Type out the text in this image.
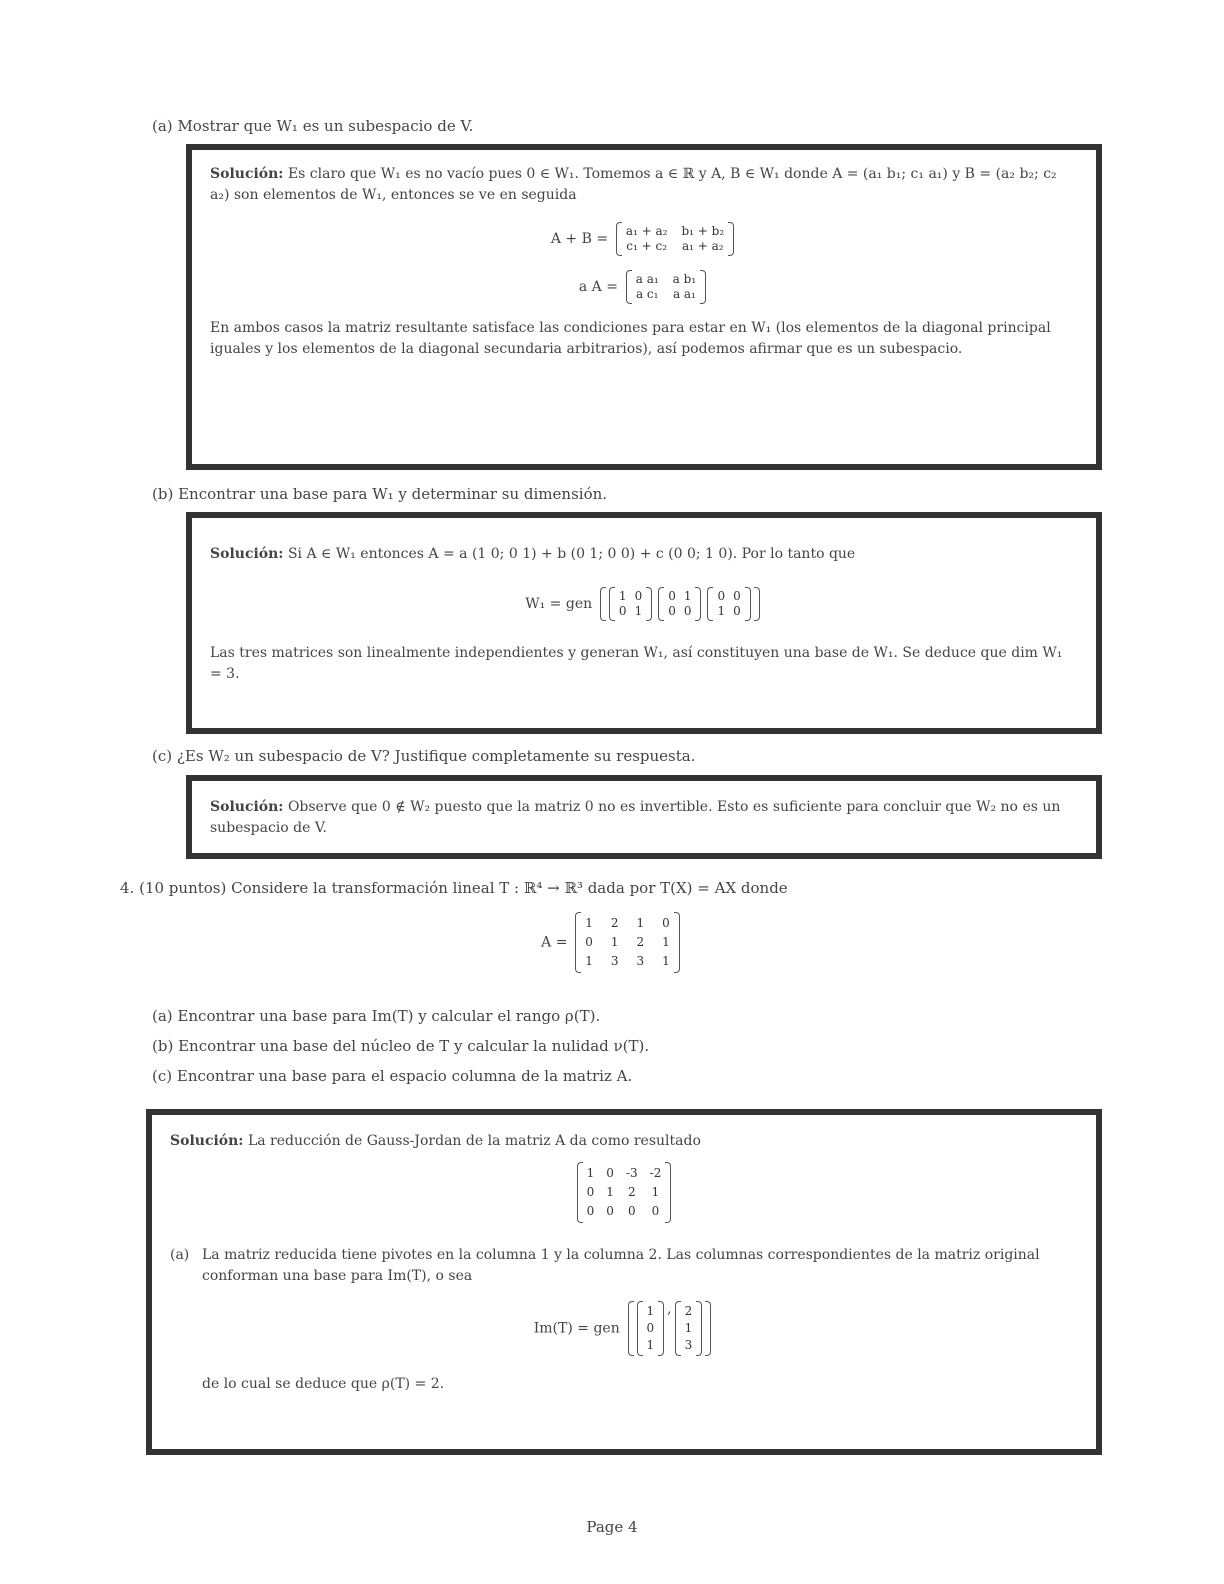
(a) Mostrar que W₁ es un subespacio de V.

Solución: Es claro que W₁ es no vacío pues 0 ∈ W₁. Tomemos a ∈ ℝ y A, B ∈ W₁ donde A = (a₁ b₁; c₁ a₁) y B = (a₂ b₂; c₂ a₂) son elementos de W₁, entonces se ve en seguida

A + B = a₁ + a₂ b₁ + b₂
c₁ + c₂ a₁ + a₂
a A = a a₁ a b₁
a c₁ a a₁

En ambos casos la matriz resultante satisface las condiciones para estar en W₁ (los elementos de la diagonal principal iguales y los elementos de la diagonal secundaria arbitrarios), así podemos afirmar que es un subespacio.

(b) Encontrar una base para W₁ y determinar su dimensión.

Solución: Si A ∈ W₁ entonces A = a (1 0; 0 1) + b (0 1; 0 0) + c (0 0; 1 0). Por lo tanto que

W₁ = gen 1 0
0 1
0 1
0 0
0 0
1 0

Las tres matrices son linealmente independientes y generan W₁, así constituyen una base de W₁. Se deduce que dim W₁ = 3.

(c) ¿Es W₂ un subespacio de V? Justifique completamente su respuesta.

Solución: Observe que 0 ∉ W₂ puesto que la matriz 0 no es invertible. Esto es suficiente para concluir que W₂ no es un subespacio de V.

4. (10 puntos) Considere la transformación lineal T : ℝ⁴ → ℝ³ dada por T(X) = AX donde
A =
1 2 1 0
0 1 2 1
1 3 3 1
(a) Encontrar una base para Im(T) y calcular el rango ρ(T).
(b) Encontrar una base del núcleo de T y calcular la nulidad ν(T).
(c) Encontrar una base para el espacio columna de la matriz A.

Solución: La reducción de Gauss-Jordan de la matriz A da como resultado

1 0 -3 -2
0 1 2 1
0 0 0 0
(a) La matriz reducida tiene pivotes en la columna 1 y la columna 2. Las columnas correspondientes de la matriz original conforman una base para Im(T), o sea

Im(T) = gen
1
0
1
, 2
1
3

de lo cual se deduce que ρ(T) = 2.

Page 4
